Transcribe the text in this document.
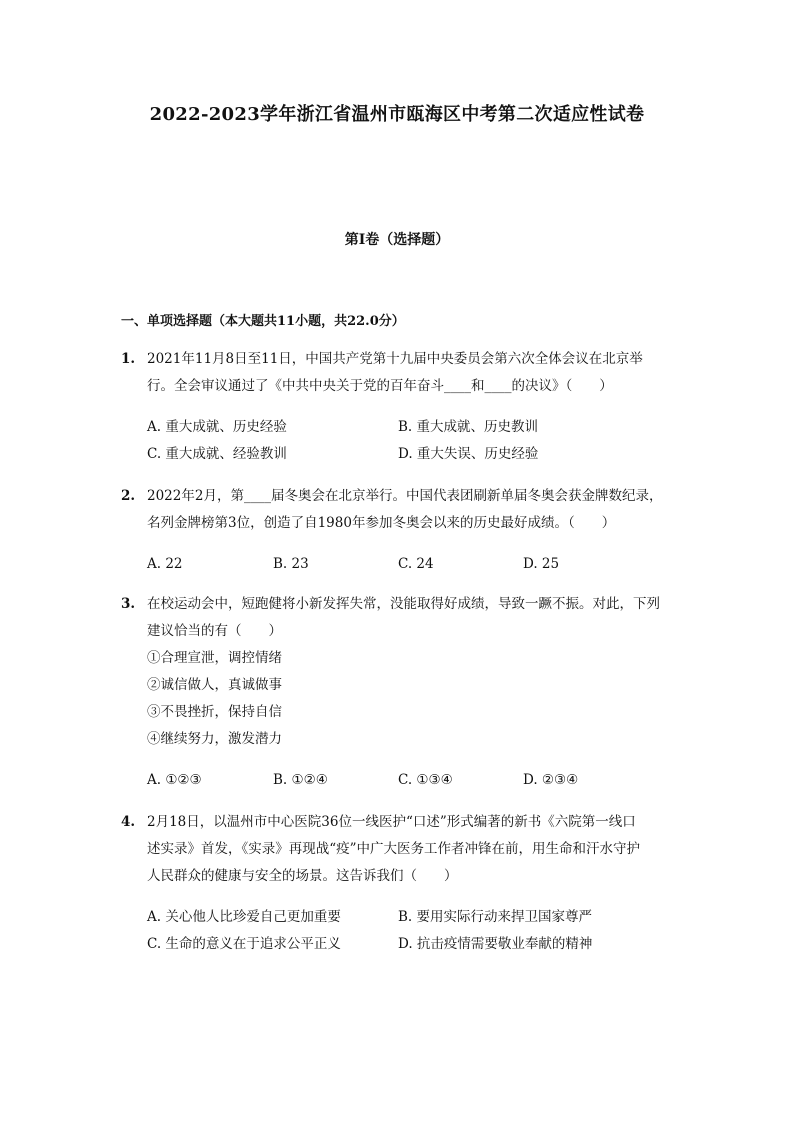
2022-2023学年浙江省温州市瓯海区中考第二次适应性试卷
第I卷（选择题）
一、单项选择题（本大题共11小题，共22.0分）
1. 2021年11月8日至11日，中国共产党第十九届中央委员会第六次全体会议在北京举
行。全会审议通过了《中共中央关于党的百年奋斗____和____的决议》（　　）
A. 重大成就、历史经验	B. 重大成就、历史教训
C. 重大成就、经验教训	D. 重大失误、历史经验
2. 2022年2月，第____届冬奥会在北京举行。中国代表团刷新单届冬奥会获金牌数纪录，
名列金牌榜第3位，创造了自1980年参加冬奥会以来的历史最好成绩。（　　）
A. 22	B. 23	C. 24	D. 25
3. 在校运动会中，短跑健将小新发挥失常，没能取得好成绩，导致一蹶不振。对此，下列
建议恰当的有（　　）
①合理宣泄，调控情绪
②诚信做人，真诚做事
③不畏挫折，保持自信
④继续努力，激发潜力
A. ①②③	B. ①②④	C. ①③④	D. ②③④
4. 2月18日，以温州市中心医院36位一线医护“口述”形式编著的新书《六院第一线口
述实录》首发，《实录》再现战“疫”中广大医务工作者冲锋在前，用生命和汗水守护
人民群众的健康与安全的场景。这告诉我们（　　）
A. 关心他人比珍爱自己更加重要	B. 要用实际行动来捍卫国家尊严
C. 生命的意义在于追求公平正义	D. 抗击疫情需要敬业奉献的精神
